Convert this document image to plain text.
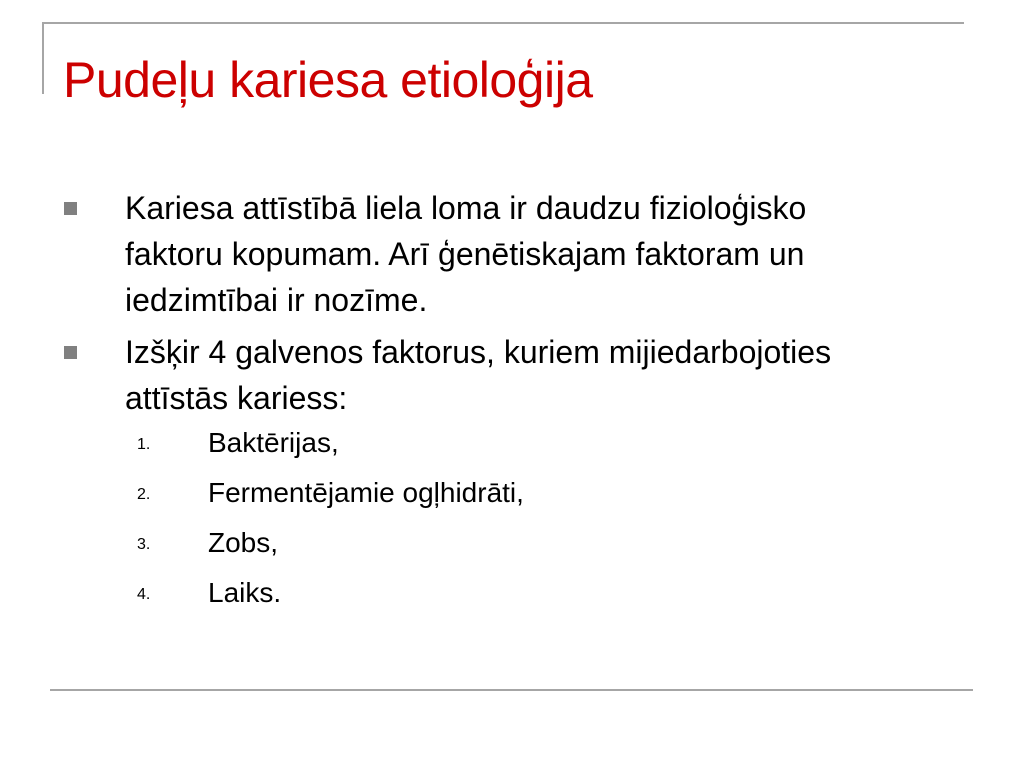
Pudeļu kariesa etioloģija
Kariesa attīstībā liela loma ir daudzu fizioloģisko faktoru kopumam. Arī ģenētiskajam faktoram un iedzimtībai ir nozīme.
Izšķir 4 galvenos faktorus, kuriem mijiedarbojoties attīstās kariess:
1. Baktērijas,
2. Fermentējamie ogļhidrāti,
3. Zobs,
4. Laiks.
